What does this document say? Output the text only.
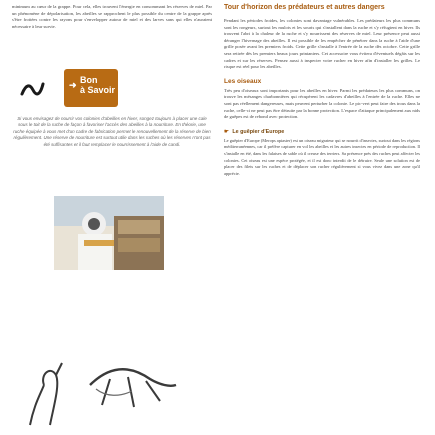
minimum au cœur de la grappe. Pour cela, elles trouvent l'énergie en consommant les réserves de miel. Par un phénomène de dépolarisation, les abeilles se rapprochent le plus possible du centre de la grappe après s'être frottées contre les rayons pour s'envelopper autour de miel et des larves sans qui elles n'auraient nécessaire à leur survie.

➜ Bon
à Savoir
Si vous envisagez de nourrir vos colonies d'abeilles en hiver, songez toujours à placer une cale sous le toit de la ruche de façon à favoriser l'accès des abeilles à la nourriture. En théorie, une ruche équipée à vous met d'un cadre de fabrication permet le renouvellement de la réserve de bien régulièrement. Une réserve de nourriture est surtout utile dans les ruches où les réserves n'ont pas été suffisantes et il faut remplacer le nourrissement à l'aide de candi.
Tour d'horizon des prédateurs et autres dangers

Pendant les périodes froides, les colonies sont davantage vulnérables. Les prédateurs les plus communs sont les rongeurs, surtout les mulots et les souris qui s'installent dans la ruche et s'y réfugient en hiver. Ils trouvent l'abri à la chaleur de la ruche et s'y nourrissent des réserves de miel. Leur présence peut aussi déranger l'hivernage des abeilles. Il est possible de les empêcher de pénétrer dans la ruche à l'aide d'une grille posée avant les premiers froids. Cette grille s'installe à l'entrée de la ruche dès octobre. Cette grille sera retirée dès les premiers beaux jours printaniers. Cet accessoire vous évitera d'éventuels dégâts sur les cadres et sur les réserves. Pensez aussi à inspecter votre rucher en hiver afin d'installer les grilles. Le risque est réel pour les abeilles.

Les oiseaux

Très peu d'oiseaux sont importants pour les abeilles en hiver. Parmi les prédateurs les plus communs, on trouve les mésanges charbonnières qui récupèrent les cadavres d'abeilles à l'entrée de la ruche. Elles ne sont pas réellement dangereuses, mais peuvent perturber la colonie. Le pic-vert peut faire des trous dans la ruche, celle-ci ne peut pas être détruite par la bonne protection. L'espace d'attaque principalement aux nids de guêpes est de rebond avec protection.

☛ Le guêpier d'Europe

Le guêpier d'Europe (Merops apiaster) est un oiseau migrateur qui se nourrit d'insectes, surtout dans les régions méditerranéennes, car il préfère capturer en vol les abeilles et les autres insectes en période de reproduction. Il s'installe en été, dans les falaises de sable où il creuse des terriers. Sa présence près des ruches peut affecter les colonies. Cet oiseau est une espèce protégée, et il est donc interdit de le détruire. Seule une solution est de placer des filets sur les ruches et de déplacer son rucher régulièrement si vous vivez dans une zone qu'il apprécie.
